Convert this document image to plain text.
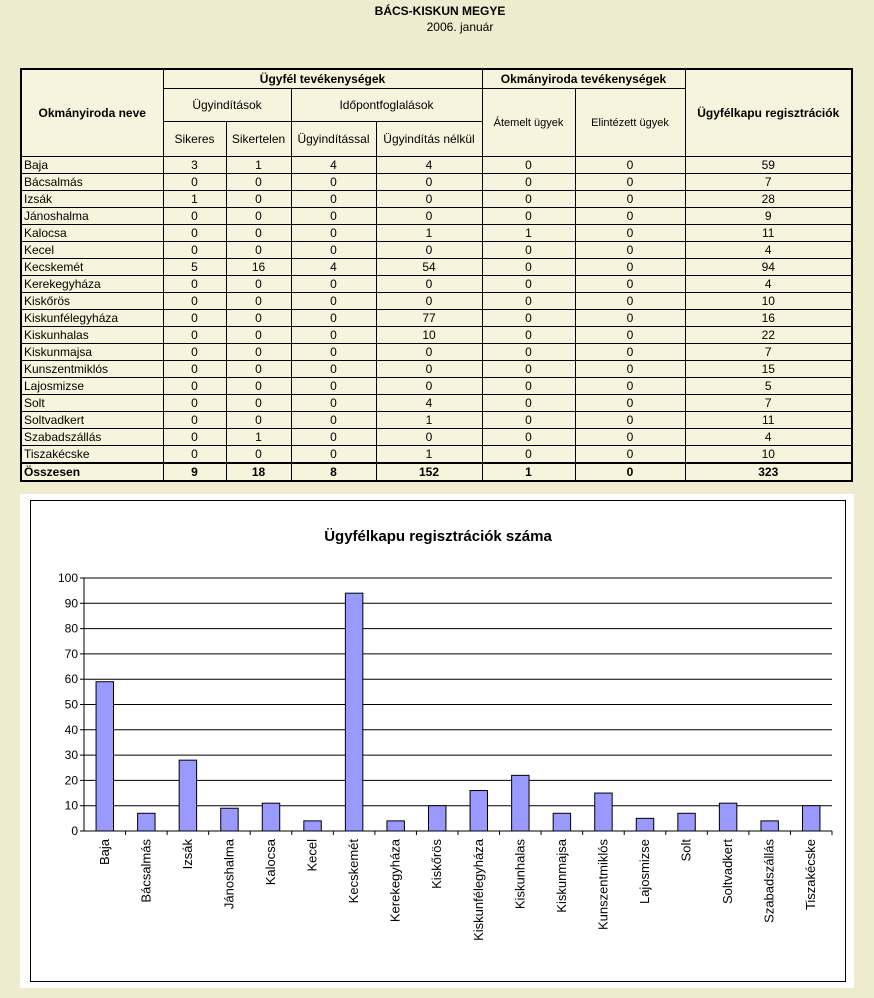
BÁCS-KISKUN MEGYE
2006. január
Okmányiroda neve	Ügyfél tevékenységek				Okmányiroda tevékenységek		Ügyfélkapu regisztrációk
	Ügyindítások		Időpontfoglalások		Átemelt ügyek	Elintézett ügyek	
	Sikeres	Sikertelen	Ügyindítással	Ügyindítás nélkül			
Baja	3	1	4	4	0	0	59
Bácsalmás	0	0	0	0	0	0	7
Izsák	1	0	0	0	0	0	28
Jánoshalma	0	0	0	0	0	0	9
Kalocsa	0	0	0	1	1	0	11
Kecel	0	0	0	0	0	0	4
Kecskemét	5	16	4	54	0	0	94
Kerekegyháza	0	0	0	0	0	0	4
Kiskőrös	0	0	0	0	0	0	10
Kiskunfélegyháza	0	0	0	77	0	0	16
Kiskunhalas	0	0	0	10	0	0	22
Kiskunmajsa	0	0	0	0	0	0	7
Kunszentmiklós	0	0	0	0	0	0	15
Lajosmizse	0	0	0	0	0	0	5
Solt	0	0	0	4	0	0	7
Soltvadkert	0	0	0	1	0	0	11
Szabadszállás	0	1	0	0	0	0	4
Tiszakécske	0	0	0	1	0	0	10
Összesen	9	18	8	152	1	0	323
Ügyfélkapu regisztrációk száma
0
10
20
30
40
50
60
70
80
90
100
Baja Bácsalmás Izsák Jánoshalma Kalocsa Kecel Kecskemét Kerekegyháza Kiskőrös Kiskunfélegyháza Kiskunhalas Kiskunmajsa Kunszentmiklós Lajosmizse Solt Soltvadkert Szabadszállás Tiszakécske
